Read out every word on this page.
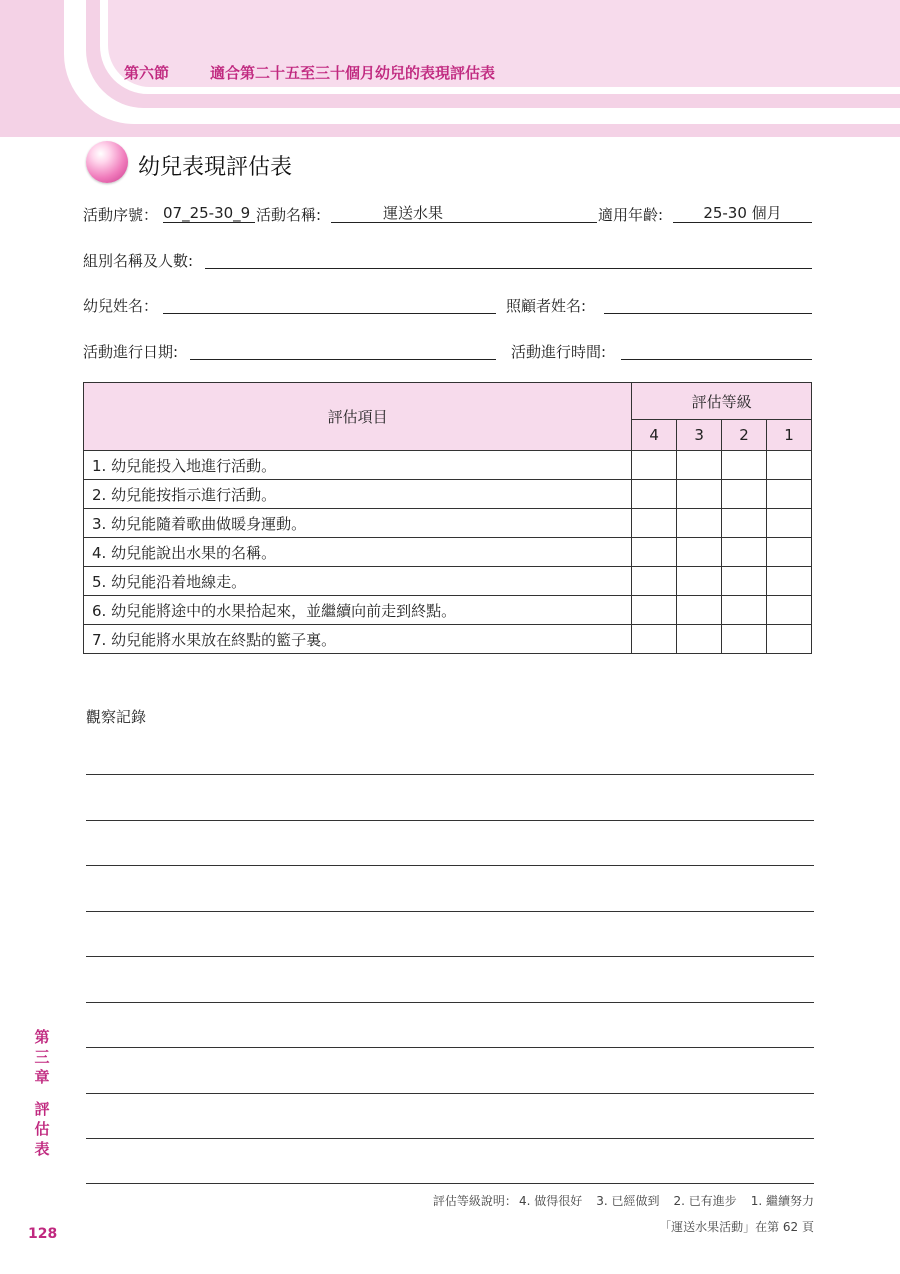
第六節	適合第二十五至三十個月幼兒的表現評估表
幼兒表現評估表
活動序號： 07_25-30_9 活動名稱:	運送水果	適用年齡:	25-30 個月
組別名稱及人數:
幼兒姓名：	照顧者姓名:
活動進行日期:	活動進行時間:
評估項目	評估等級			
	4	3	2	1
1. 幼兒能投入地進行活動。				
2. 幼兒能按指示進行活動。				
3. 幼兒能隨着歌曲做暖身運動。				
4. 幼兒能說出水果的名稱。				
5. 幼兒能沿着地線走。				
6. 幼兒能將途中的水果拾起來，並繼續向前走到終點。				
7. 幼兒能將水果放在終點的籃子裏。				
觀察記錄
第
三
章
評
估
表
評估等級說明： 4. 做得很好 3. 已經做到 2. 已有進步 1. 繼續努力
「運送水果活動」在第 62 頁
128
